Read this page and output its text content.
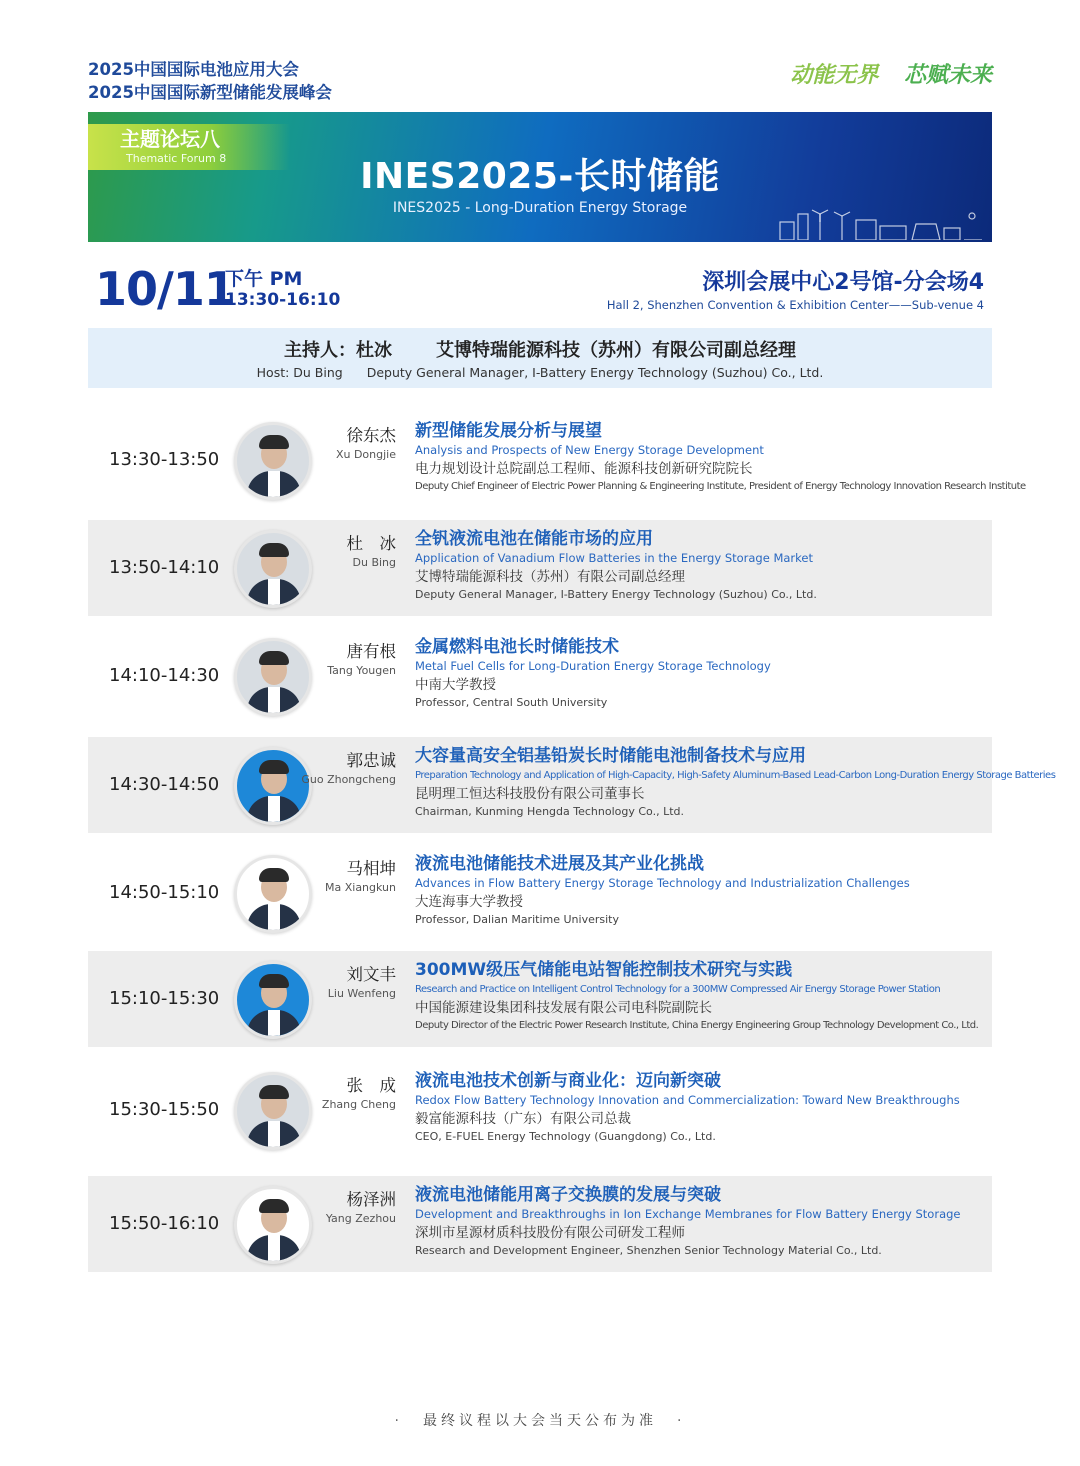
2025中国国际电池应用大会
2025中国国际新型储能发展峰会
动能无界 芯赋未来
主题论坛八
Thematic Forum 8	INES2025-长时储能
INES2025 - Long-Duration Energy Storage
10/11
下午 PM
13:30-16:10
深圳会展中心2号馆-分会场4
Hall 2, Shenzhen Convention & Exhibition Center——Sub-venue 4
主持人：杜冰 艾博特瑞能源科技（苏州）有限公司副总经理
Host: Du Bing Deputy General Manager, I-Battery Energy Technology (Suzhou) Co., Ltd.
13:30-13:50
徐东杰
Xu Dongjie
新型储能发展分析与展望
Analysis and Prospects of New Energy Storage Development
电力规划设计总院副总工程师、能源科技创新研究院院长
Deputy Chief Engineer of Electric Power Planning & Engineering Institute, President of Energy Technology Innovation Research Institute
13:50-14:10
杜　冰
Du Bing
全钒液流电池在储能市场的应用
Application of Vanadium Flow Batteries in the Energy Storage Market
艾博特瑞能源科技（苏州）有限公司副总经理
Deputy General Manager, I-Battery Energy Technology (Suzhou) Co., Ltd.
14:10-14:30
唐有根
Tang Yougen
金属燃料电池长时储能技术
Metal Fuel Cells for Long-Duration Energy Storage Technology
中南大学教授
Professor, Central South University
14:30-14:50
郭忠诚
Guo Zhongcheng
大容量高安全铝基铅炭长时储能电池制备技术与应用
Preparation Technology and Application of High-Capacity, High-Safety Aluminum-Based Lead-Carbon Long-Duration Energy Storage Batteries
昆明理工恒达科技股份有限公司董事长
Chairman, Kunming Hengda Technology Co., Ltd.
14:50-15:10
马相坤
Ma Xiangkun
液流电池储能技术进展及其产业化挑战
Advances in Flow Battery Energy Storage Technology and Industrialization Challenges
大连海事大学教授
Professor, Dalian Maritime University
15:10-15:30
刘文丰
Liu Wenfeng
300MW级压气储能电站智能控制技术研究与实践
Research and Practice on Intelligent Control Technology for a 300MW Compressed Air Energy Storage Power Station
中国能源建设集团科技发展有限公司电科院副院长
Deputy Director of the Electric Power Research Institute, China Energy Engineering Group Technology Development Co., Ltd.
15:30-15:50
张　成
Zhang Cheng
液流电池技术创新与商业化：迈向新突破
Redox Flow Battery Technology Innovation and Commercialization: Toward New Breakthroughs
毅富能源科技（广东）有限公司总裁
CEO, E-FUEL Energy Technology (Guangdong) Co., Ltd.
15:50-16:10
杨泽洲
Yang Zezhou
液流电池储能用离子交换膜的发展与突破
Development and Breakthroughs in Ion Exchange Membranes for Flow Battery Energy Storage
深圳市星源材质科技股份有限公司研发工程师
Research and Development Engineer, Shenzhen Senior Technology Material Co., Ltd.
· 最终议程以大会当天公布为准 ·
